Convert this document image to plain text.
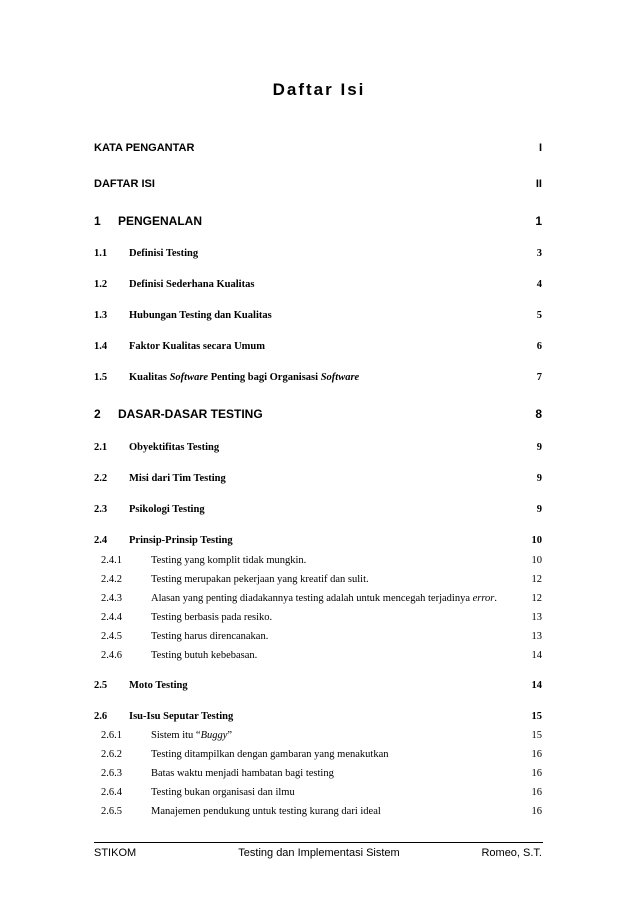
Daftar Isi
KATA PENGANTAR	I
DAFTAR ISI	II
1 PENGENALAN	1
1.1 Definisi Testing	3
1.2 Definisi Sederhana Kualitas	4
1.3 Hubungan Testing dan Kualitas	5
1.4 Faktor Kualitas secara Umum	6
1.5 Kualitas Software Penting bagi Organisasi Software	7
2 DASAR-DASAR TESTING	8
2.1 Obyektifitas Testing	9
2.2 Misi dari Tim Testing	9
2.3 Psikologi Testing	9
2.4 Prinsip-Prinsip Testing	10
2.4.1	Testing yang komplit tidak mungkin.	10
2.4.2	Testing merupakan pekerjaan yang kreatif dan sulit.	12
2.4.3	Alasan yang penting diadakannya testing adalah untuk mencegah terjadinya error.	12
2.4.4	Testing berbasis pada resiko.	13
2.4.5	Testing harus direncanakan.	13
2.4.6	Testing butuh kebebasan.	14
2.5 Moto Testing	14
2.6 Isu-Isu Seputar Testing	15
2.6.1	Sistem itu “Buggy”	15
2.6.2	Testing ditampilkan dengan gambaran yang menakutkan	16
2.6.3	Batas waktu menjadi hambatan bagi testing	16
2.6.4	Testing bukan organisasi dan ilmu	16
2.6.5	Manajemen pendukung untuk testing kurang dari ideal	16
STIKOM	Testing dan Implementasi Sistem	Romeo, S.T.
